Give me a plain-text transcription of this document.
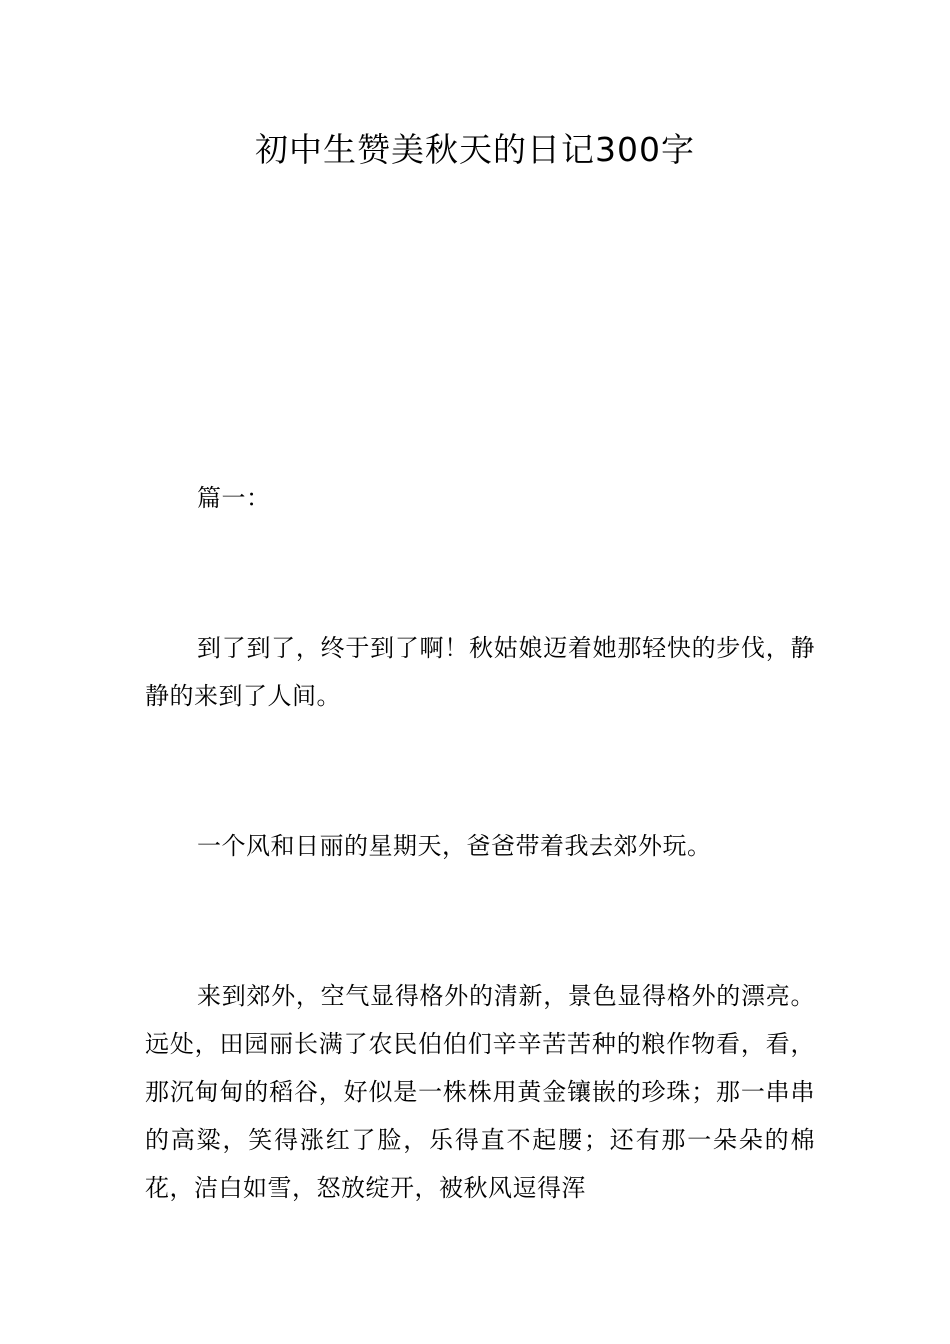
初中生赞美秋天的日记300字

篇一：

到了到了，终于到了啊！秋姑娘迈着她那轻快的步伐，静静的来到了人间。

一个风和日丽的星期天，爸爸带着我去郊外玩。

来到郊外，空气显得格外的清新，景色显得格外的漂亮。远处，田园丽长满了农民伯伯们辛辛苦苦种的粮作物看，看，那沉甸甸的稻谷，好似是一株株用黄金镶嵌的珍珠；那一串串的高粱，笑得涨红了脸，乐得直不起腰；还有那一朵朵的棉花，洁白如雪，怒放绽开，被秋风逗得浑
